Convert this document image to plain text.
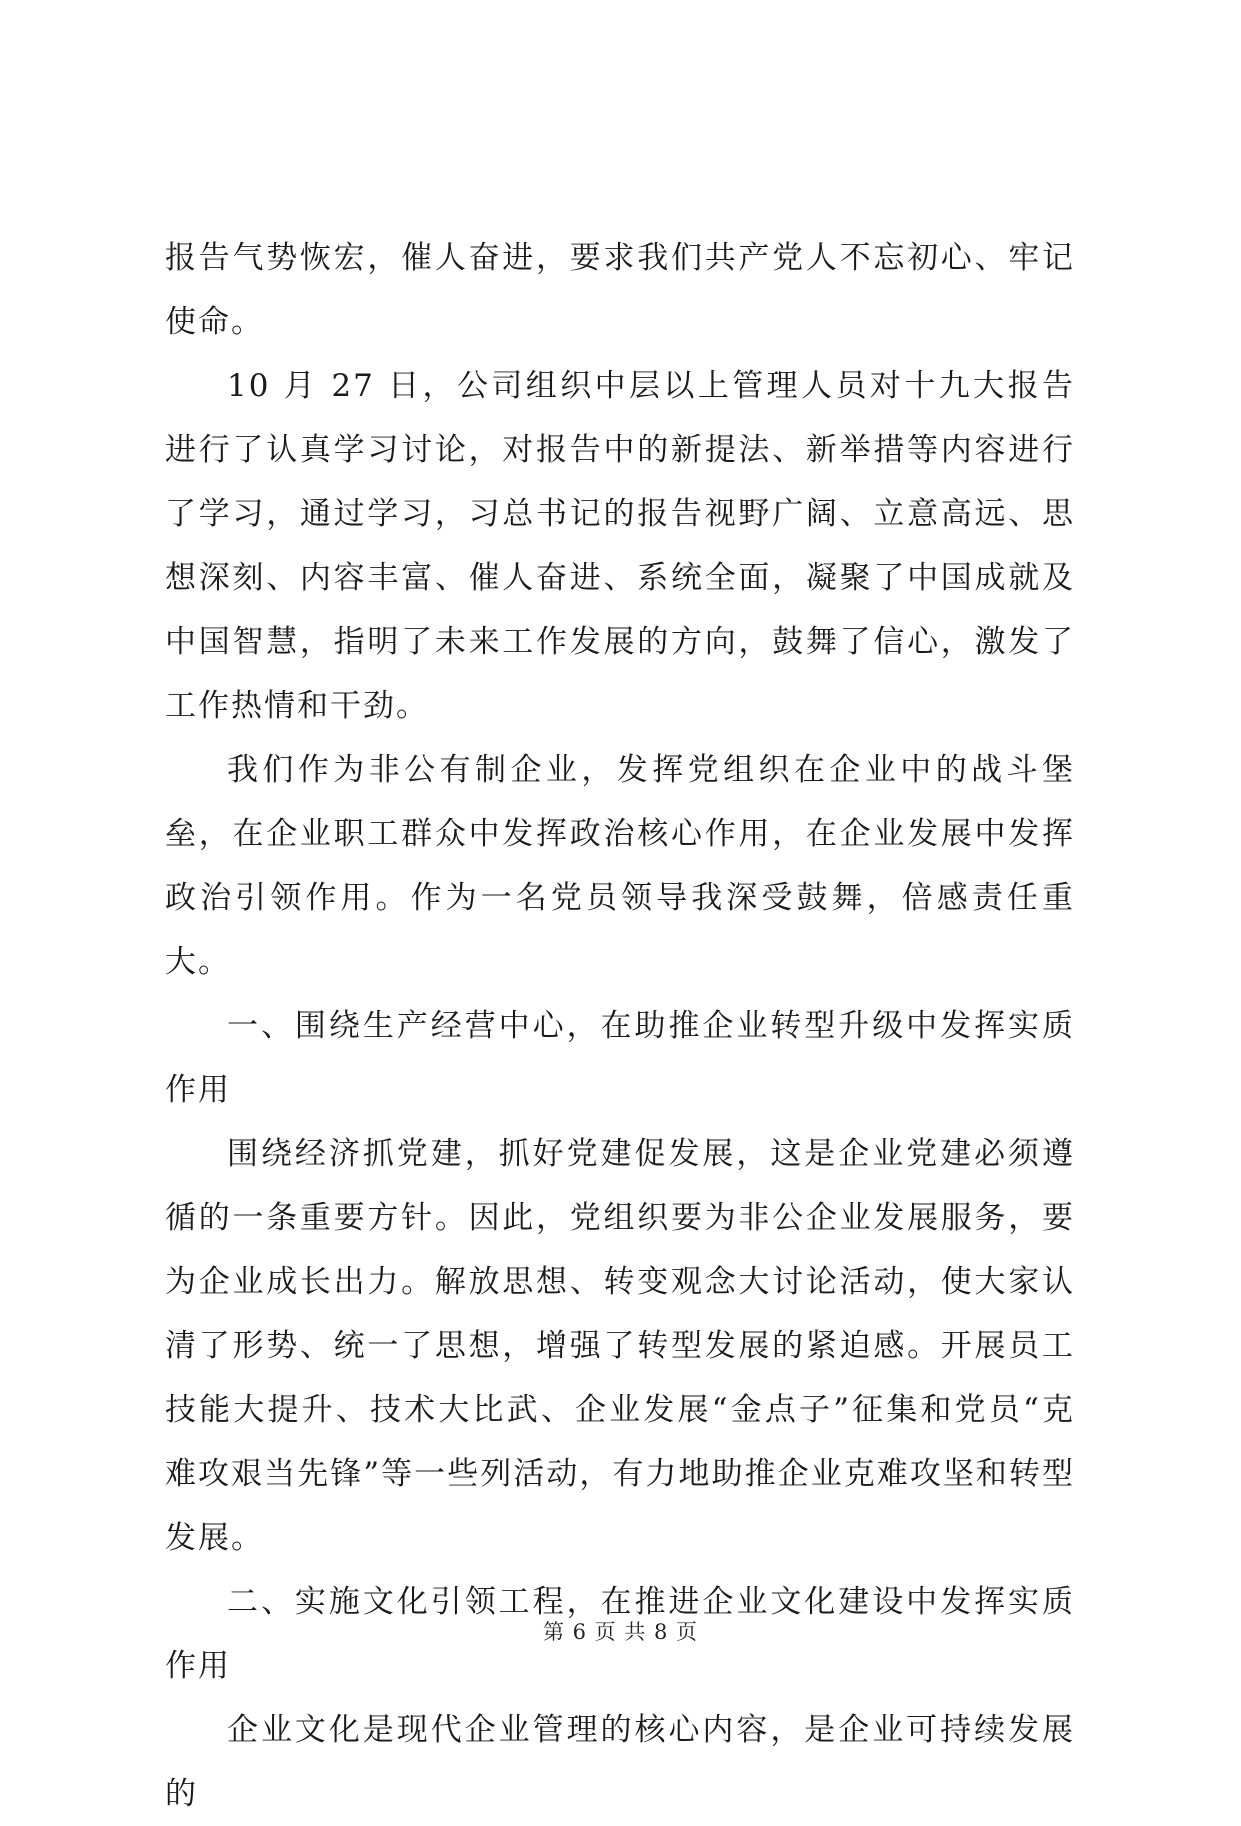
报告气势恢宏，催人奋进，要求我们共产党人不忘初心、牢记使命。

10 月 27 日，公司组织中层以上管理人员对十九大报告进行了认真学习讨论，对报告中的新提法、新举措等内容进行了学习，通过学习，习总书记的报告视野广阔、立意高远、思想深刻、内容丰富、催人奋进、系统全面，凝聚了中国成就及中国智慧，指明了未来工作发展的方向，鼓舞了信心，激发了工作热情和干劲。

我们作为非公有制企业，发挥党组织在企业中的战斗堡垒，在企业职工群众中发挥政治核心作用，在企业发展中发挥政治引领作用。作为一名党员领导我深受鼓舞，倍感责任重大。

一、围绕生产经营中心，在助推企业转型升级中发挥实质作用

围绕经济抓党建，抓好党建促发展，这是企业党建必须遵循的一条重要方针。因此，党组织要为非公企业发展服务，要为企业成长出力。解放思想、转变观念大讨论活动，使大家认清了形势、统一了思想，增强了转型发展的紧迫感。开展员工技能大提升、技术大比武、企业发展“金点子”征集和党员“克难攻艰当先锋”等一些列活动，有力地助推企业克难攻坚和转型发展。

二、实施文化引领工程，在推进企业文化建设中发挥实质作用

企业文化是现代企业管理的核心内容，是企业可持续发展的

第 6 页 共 8 页
